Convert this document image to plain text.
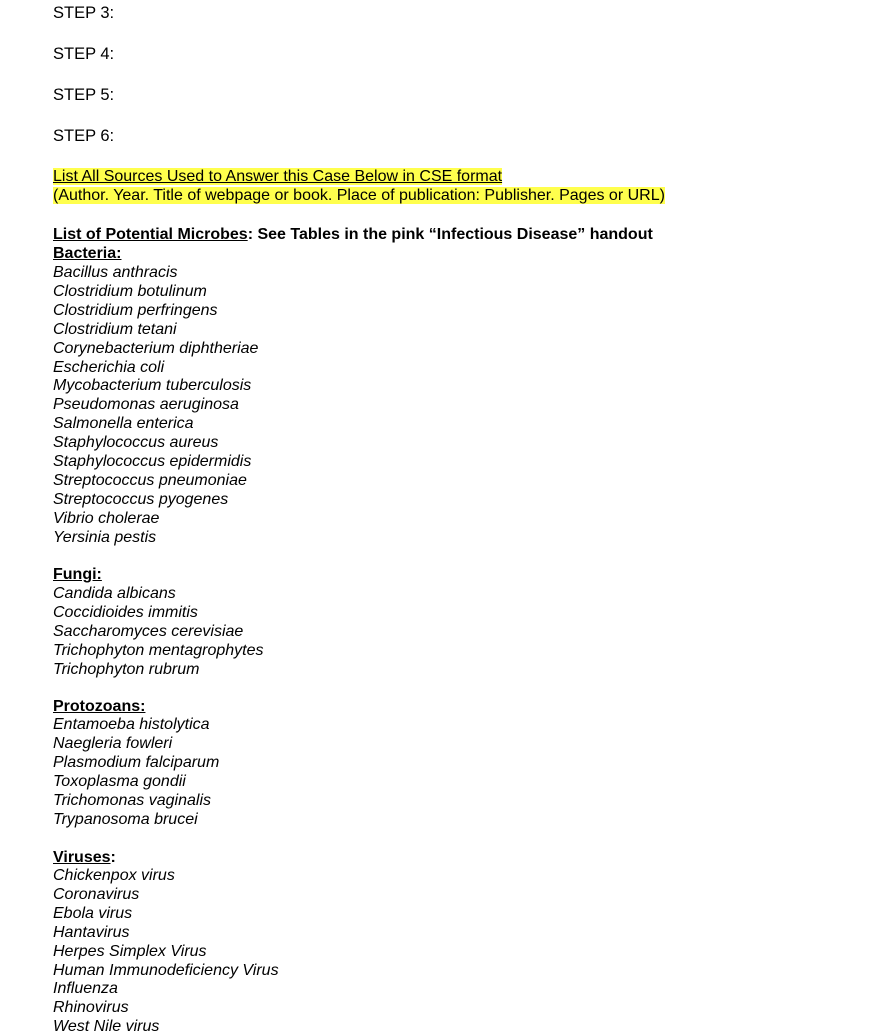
STEP 3:
STEP 4:
STEP 5:
STEP 6:
List All Sources Used to Answer this Case Below in CSE format
(Author. Year. Title of webpage or book. Place of publication: Publisher. Pages or URL)
List of Potential Microbes: See Tables in the pink “Infectious Disease” handout
Bacteria:
Bacillus anthracis
Clostridium botulinum
Clostridium perfringens
Clostridium tetani
Corynebacterium diphtheriae
Escherichia coli
Mycobacterium tuberculosis
Pseudomonas aeruginosa
Salmonella enterica
Staphylococcus aureus
Staphylococcus epidermidis
Streptococcus pneumoniae
Streptococcus pyogenes
Vibrio cholerae
Yersinia pestis
Fungi:
Candida albicans
Coccidioides immitis
Saccharomyces cerevisiae
Trichophyton mentagrophytes
Trichophyton rubrum
Protozoans:
Entamoeba histolytica
Naegleria fowleri
Plasmodium falciparum
Toxoplasma gondii
Trichomonas vaginalis
Trypanosoma brucei
Viruses:
Chickenpox virus
Coronavirus
Ebola virus
Hantavirus
Herpes Simplex Virus
Human Immunodeficiency Virus
Influenza
Rhinovirus
West Nile virus
